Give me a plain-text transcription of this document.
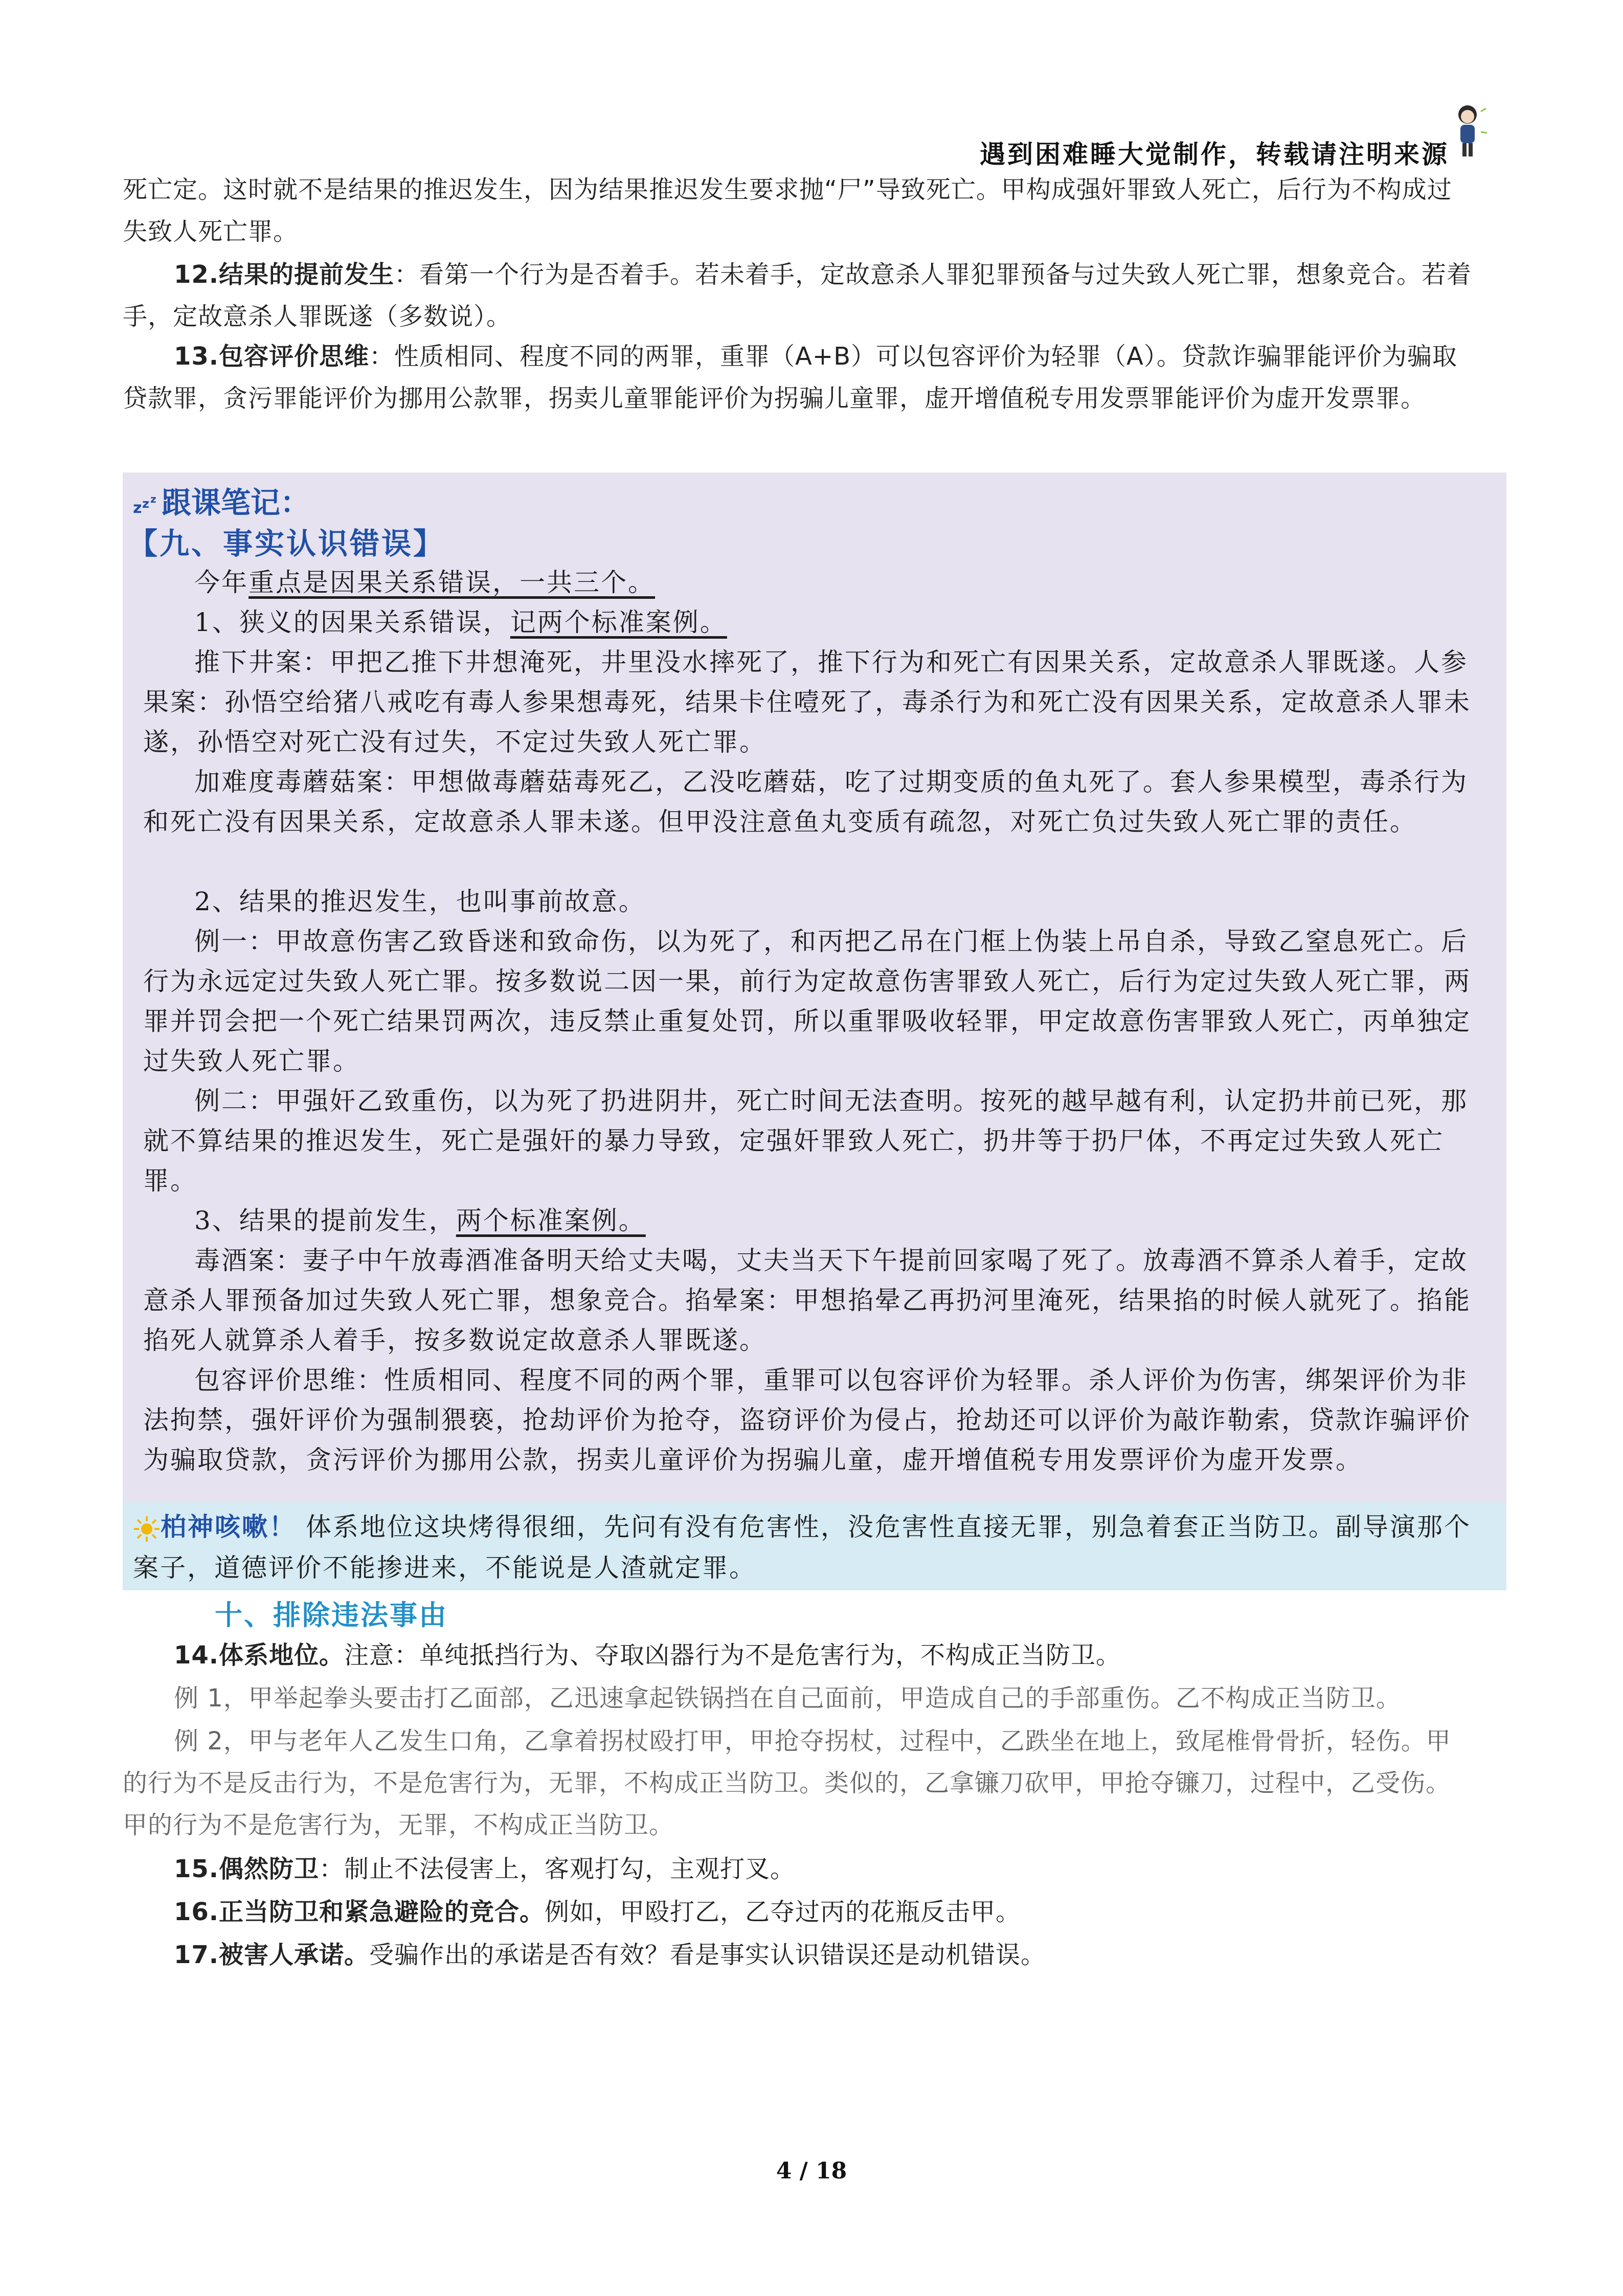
遇到困难睡大觉制作，转载请注明来源
死亡定。这时就不是结果的推迟发生，因为结果推迟发生要求抛“尸”导致死亡。甲构成强奸罪致人死亡，后行为不构成过失致人死亡罪。
12.结果的提前发生：看第一个行为是否着手。若未着手，定故意杀人罪犯罪预备与过失致人死亡罪，想象竞合。若着手，定故意杀人罪既遂（多数说）。
13.包容评价思维：性质相同、程度不同的两罪，重罪（A+B）可以包容评价为轻罪（A）。贷款诈骗罪能评价为骗取贷款罪，贪污罪能评价为挪用公款罪，拐卖儿童罪能评价为拐骗儿童罪，虚开增值税专用发票罪能评价为虚开发票罪。
z z z 跟课笔记：
【九、事实认识错误】
今年重点是因果关系错误，一共三个。
1、狭义的因果关系错误，记两个标准案例。
推下井案：甲把乙推下井想淹死，井里没水摔死了，推下行为和死亡有因果关系，定故意杀人罪既遂。人参果案：孙悟空给猪八戒吃有毒人参果想毒死，结果卡住噎死了，毒杀行为和死亡没有因果关系，定故意杀人罪未遂，孙悟空对死亡没有过失，不定过失致人死亡罪。
加难度毒蘑菇案：甲想做毒蘑菇毒死乙，乙没吃蘑菇，吃了过期变质的鱼丸死了。套人参果模型，毒杀行为和死亡没有因果关系，定故意杀人罪未遂。但甲没注意鱼丸变质有疏忽，对死亡负过失致人死亡罪的责任。
2、结果的推迟发生，也叫事前故意。
例一：甲故意伤害乙致昏迷和致命伤，以为死了，和丙把乙吊在门框上伪装上吊自杀，导致乙窒息死亡。后行为永远定过失致人死亡罪。按多数说二因一果，前行为定故意伤害罪致人死亡，后行为定过失致人死亡罪，两罪并罚会把一个死亡结果罚两次，违反禁止重复处罚，所以重罪吸收轻罪，甲定故意伤害罪致人死亡，丙单独定过失致人死亡罪。
例二：甲强奸乙致重伤，以为死了扔进阴井，死亡时间无法查明。按死的越早越有利，认定扔井前已死，那就不算结果的推迟发生，死亡是强奸的暴力导致，定强奸罪致人死亡，扔井等于扔尸体，不再定过失致人死亡罪。
3、结果的提前发生，两个标准案例。
毒酒案：妻子中午放毒酒准备明天给丈夫喝，丈夫当天下午提前回家喝了死了。放毒酒不算杀人着手，定故意杀人罪预备加过失致人死亡罪，想象竞合。掐晕案：甲想掐晕乙再扔河里淹死，结果掐的时候人就死了。掐能掐死人就算杀人着手，按多数说定故意杀人罪既遂。
包容评价思维：性质相同、程度不同的两个罪，重罪可以包容评价为轻罪。杀人评价为伤害，绑架评价为非法拘禁，强奸评价为强制猥亵，抢劫评价为抢夺，盗窃评价为侵占，抢劫还可以评价为敲诈勒索，贷款诈骗评价为骗取贷款，贪污评价为挪用公款，拐卖儿童评价为拐骗儿童，虚开增值税专用发票评价为虚开发票。
柏神咳嗽！ 体系地位这块烤得很细，先问有没有危害性，没危害性直接无罪，别急着套正当防卫。副导演那个案子，道德评价不能掺进来，不能说是人渣就定罪。
十、排除违法事由
14.体系地位。注意：单纯抵挡行为、夺取凶器行为不是危害行为，不构成正当防卫。
例 1，甲举起拳头要击打乙面部，乙迅速拿起铁锅挡在自己面前，甲造成自己的手部重伤。乙不构成正当防卫。
例 2，甲与老年人乙发生口角，乙拿着拐杖殴打甲，甲抢夺拐杖，过程中，乙跌坐在地上，致尾椎骨骨折，轻伤。甲的行为不是反击行为，不是危害行为，无罪，不构成正当防卫。类似的，乙拿镰刀砍甲，甲抢夺镰刀，过程中，乙受伤。甲的行为不是危害行为，无罪，不构成正当防卫。
15.偶然防卫：制止不法侵害上，客观打勾，主观打叉。
16.正当防卫和紧急避险的竞合。例如，甲殴打乙，乙夺过丙的花瓶反击甲。
17.被害人承诺。受骗作出的承诺是否有效？看是事实认识错误还是动机错误。
4 / 18
